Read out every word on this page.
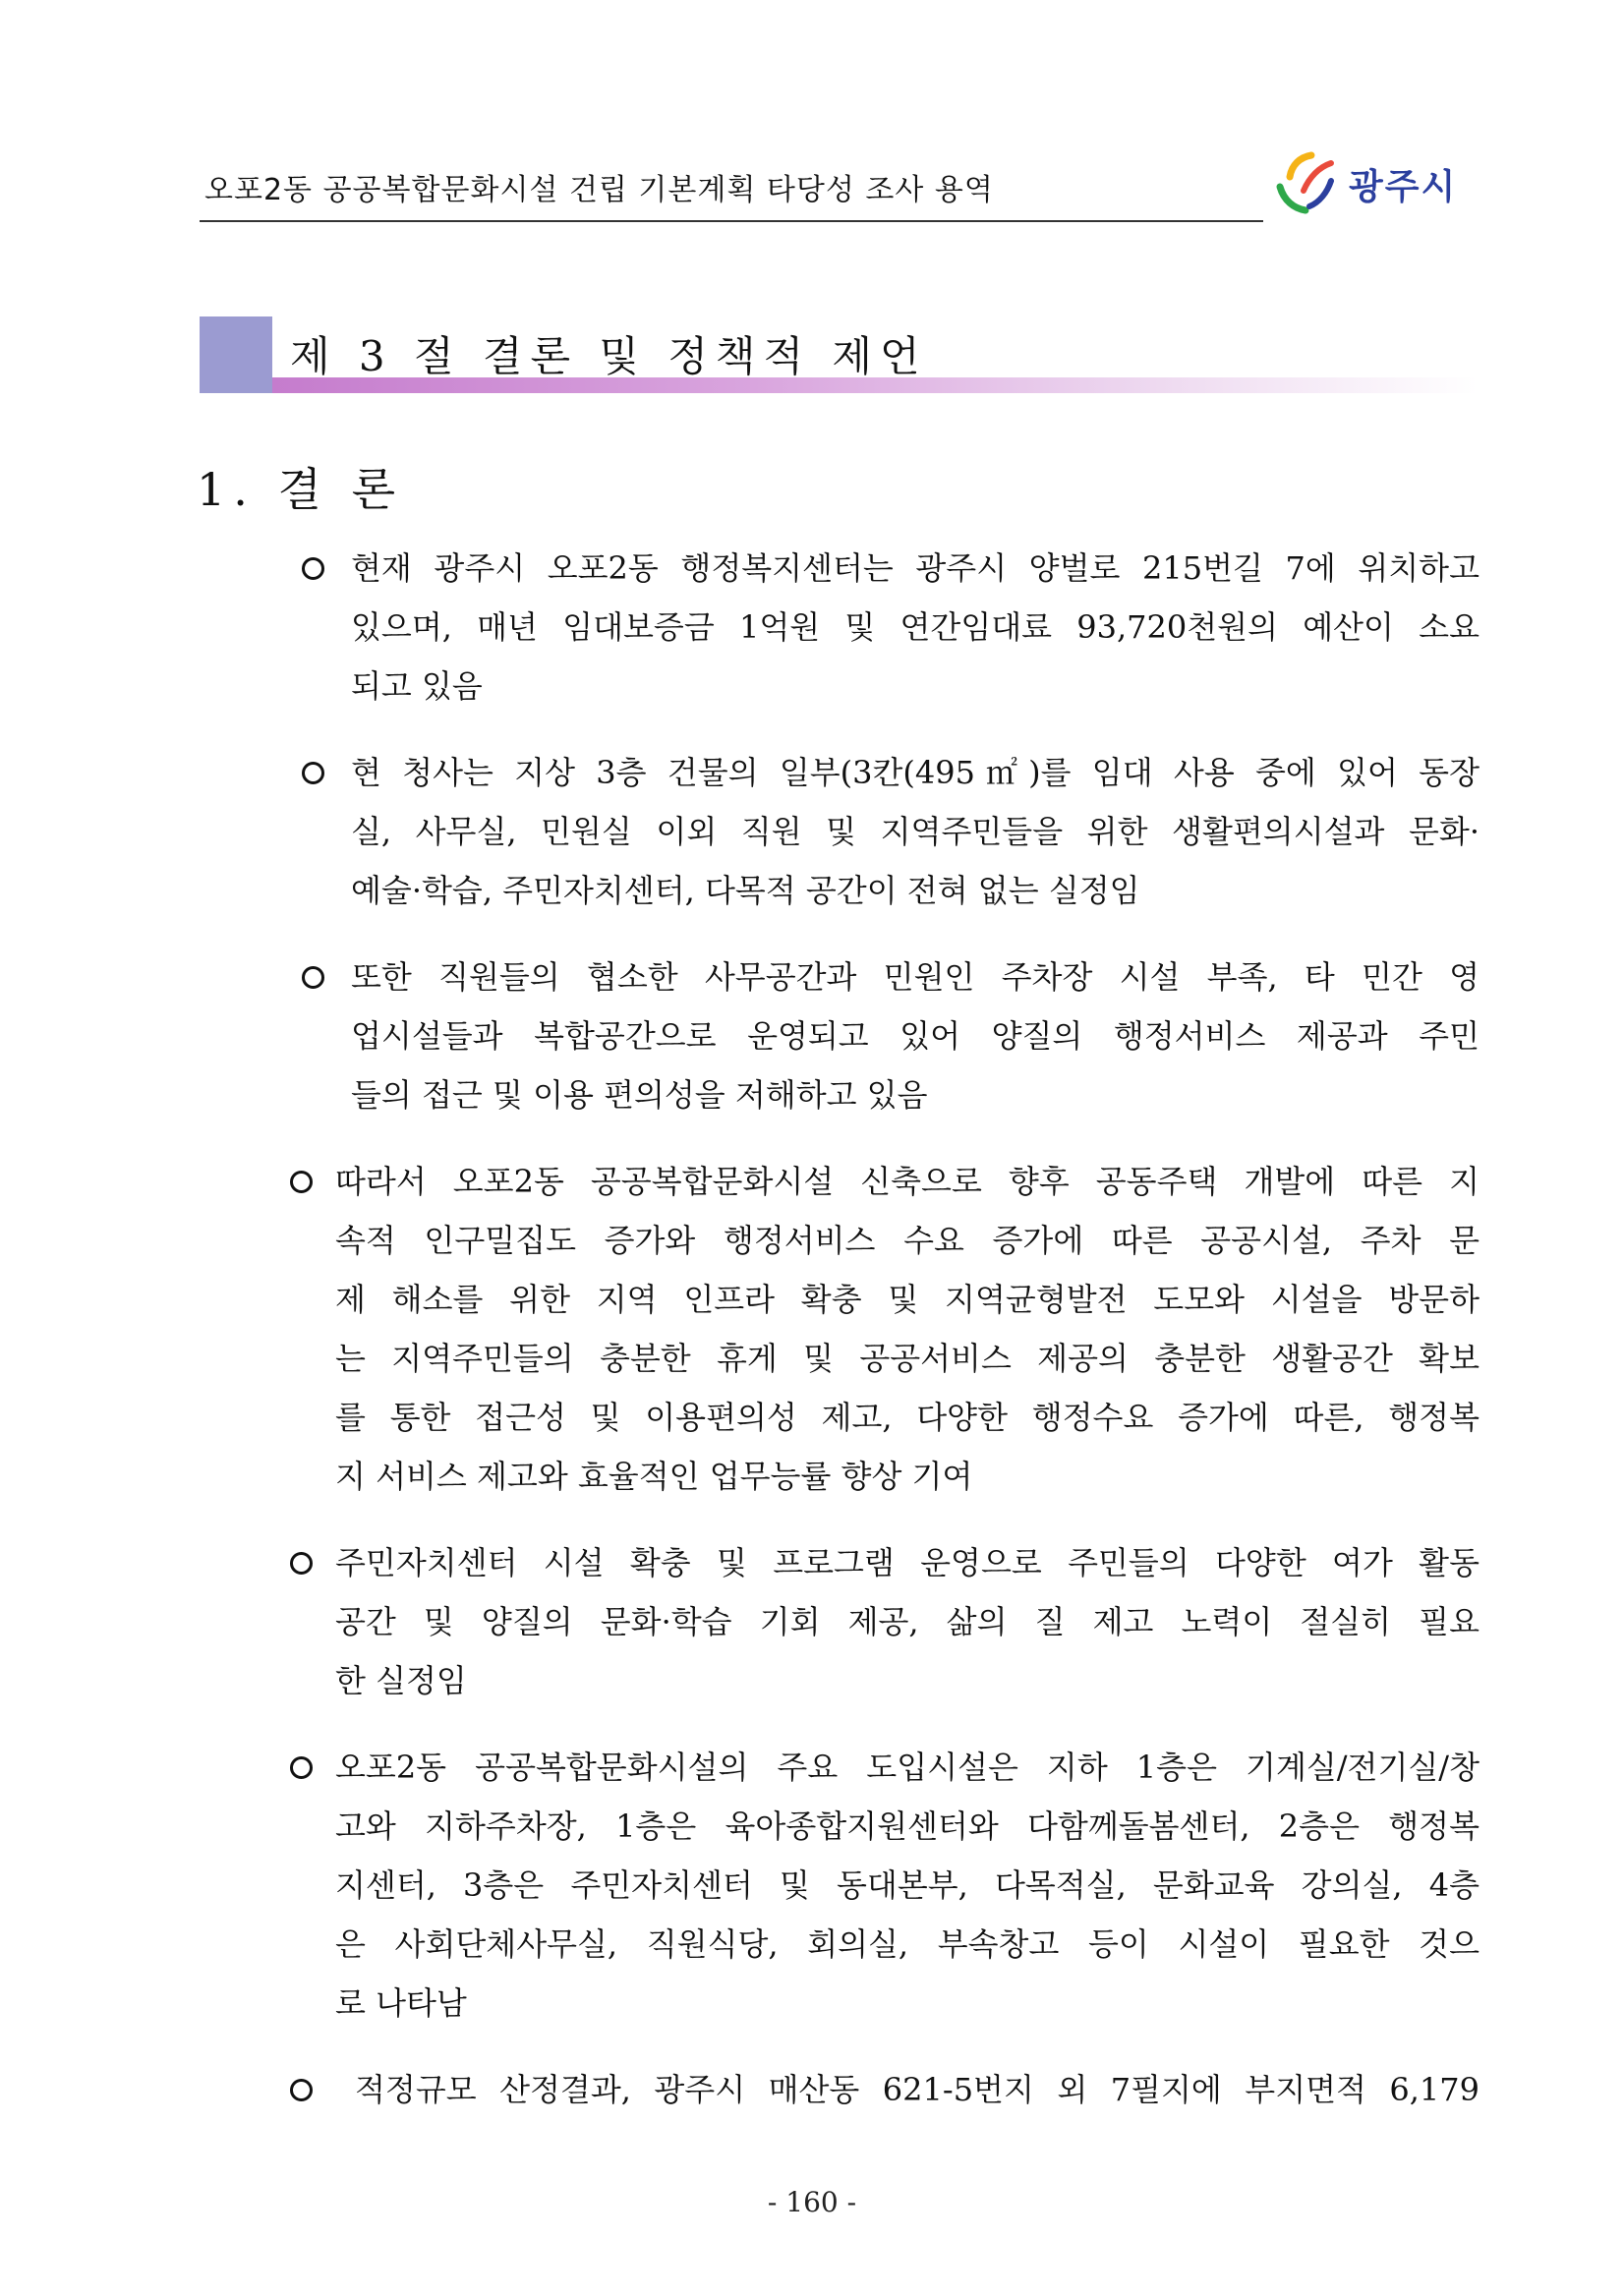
오포2동 공공복합문화시설 건립 기본계획 타당성 조사 용역	광주시
제 3 절 결론 및 정책적 제언
1. 결 론
현재 광주시 오포2동 행정복지센터는 광주시 양벌로 215번길 7에 위치하고
있으며, 매년 임대보증금 1억원 및 연간임대료 93,720천원의 예산이 소요
되고 있음
현 청사는 지상 3층 건물의 일부(3칸(495㎡)를 임대 사용 중에 있어 동장
실, 사무실, 민원실 이외 직원 및 지역주민들을 위한 생활편의시설과 문화·
예술·학습, 주민자치센터, 다목적 공간이 전혀 없는 실정임
또한 직원들의 협소한 사무공간과 민원인 주차장 시설 부족, 타 민간 영
업시설들과 복합공간으로 운영되고 있어 양질의 행정서비스 제공과 주민
들의 접근 및 이용 편의성을 저해하고 있음
따라서 오포2동 공공복합문화시설 신축으로 향후 공동주택 개발에 따른 지
속적 인구밀집도 증가와 행정서비스 수요 증가에 따른 공공시설, 주차 문
제 해소를 위한 지역 인프라 확충 및 지역균형발전 도모와 시설을 방문하
는 지역주민들의 충분한 휴게 및 공공서비스 제공의 충분한 생활공간 확보
를 통한 접근성 및 이용편의성 제고, 다양한 행정수요 증가에 따른, 행정복
지 서비스 제고와 효율적인 업무능률 향상 기여
주민자치센터 시설 확충 및 프로그램 운영으로 주민들의 다양한 여가 활동
공간 및 양질의 문화·학습 기회 제공, 삶의 질 제고 노력이 절실히 필요
한 실정임
오포2동 공공복합문화시설의 주요 도입시설은 지하 1층은 기계실/전기실/창
고와 지하주차장, 1층은 육아종합지원센터와 다함께돌봄센터, 2층은 행정복
지센터, 3층은 주민자치센터 및 동대본부, 다목적실, 문화교육 강의실, 4층
은 사회단체사무실, 직원식당, 회의실, 부속창고 등이 시설이 필요한 것으
로 나타남
적정규모 산정결과, 광주시 매산동 621-5번지 외 7필지에 부지면적 6,179
- 160 -
